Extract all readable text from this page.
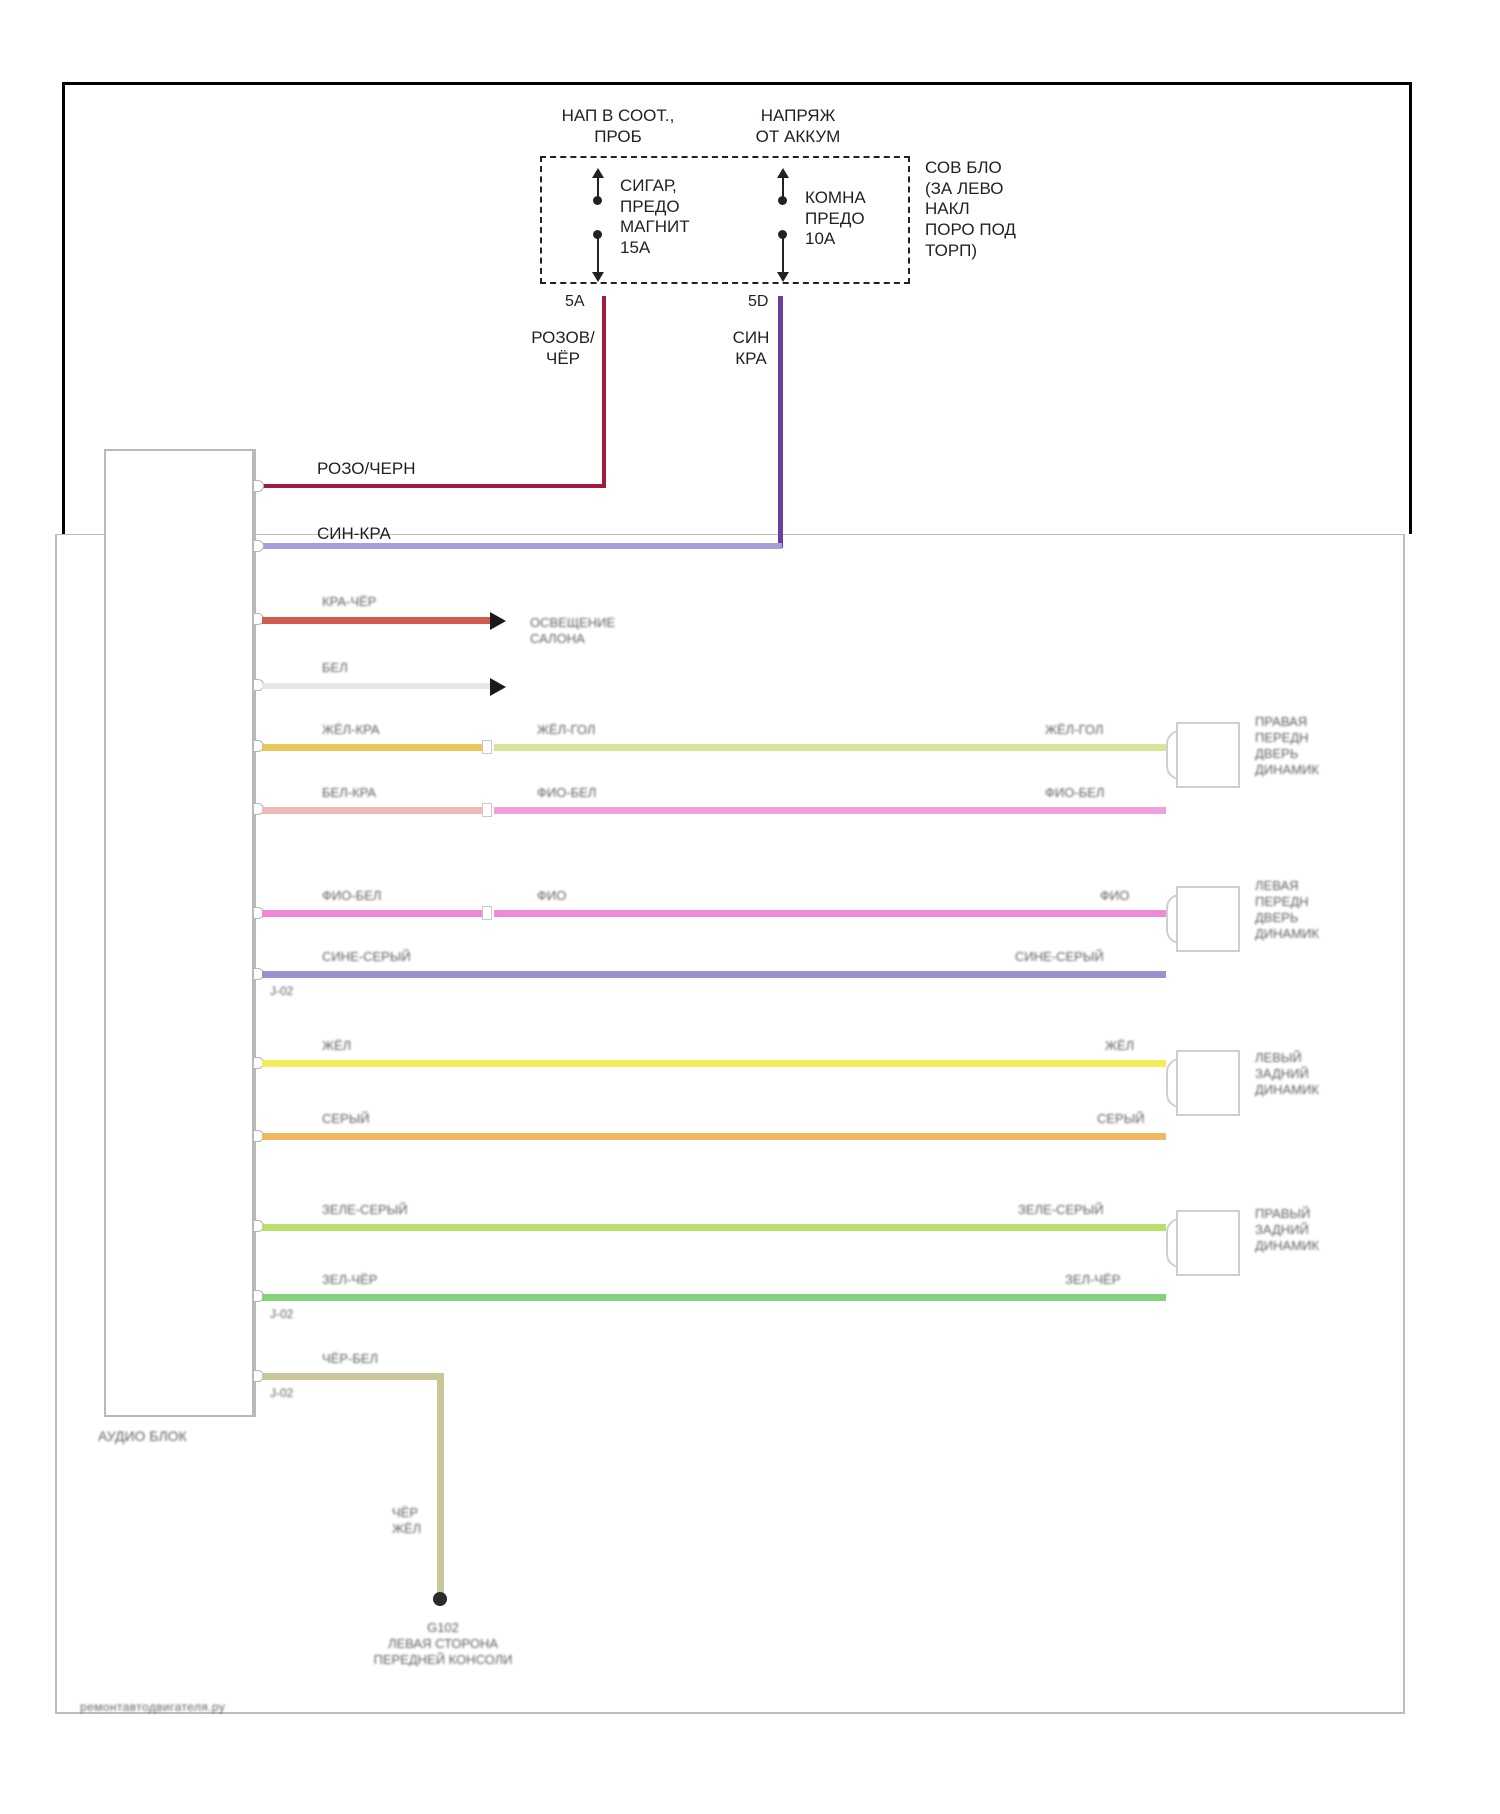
НАП В СООТ.,
ПРОБ
НАПРЯЖ
ОТ АККУМ
СИГАР,
ПРЕДО
МАГНИТ
15А
КОМНА
ПРЕДО
10А
СОВ БЛО
(ЗА ЛЕВО
НАКЛ
ПОРО ПОД
ТОРП)
5A	5D
РОЗОВ/
ЧЁР
СИН
КРА
РОЗО/ЧЕРН
СИН-КРА
АУДИО БЛОК
КРА-ЧЁР
ОСВЕЩЕНИЕ
САЛОНА
БЕЛ
ЖЁЛ-КРА	ЖЁЛ-ГОЛ	ЖЁЛ-ГОЛ
БЕЛ-КРА	ФИО-БЕЛ	ФИО-БЕЛ
ПРАВАЯ
ПЕРЕДН
ДВЕРЬ
ДИНАМИК
ФИО-БЕЛ	ФИО	ФИО
СИНЕ-СЕРЫЙ	СИНЕ-СЕРЫЙ
J-02
ЛЕВАЯ
ПЕРЕДН
ДВЕРЬ
ДИНАМИК
ЖЁЛ	ЖЁЛ
СЕРЫЙ	СЕРЫЙ
ЛЕВЫЙ
ЗАДНИЙ
ДИНАМИК
ЗЕЛЕ-СЕРЫЙ	ЗЕЛЕ-СЕРЫЙ
ЗЕЛ-ЧЁР	ЗЕЛ-ЧЁР
J-02
ПРАВЫЙ
ЗАДНИЙ
ДИНАМИК
ЧЁР-БЕЛ
J-02
ЧЁР
ЖЁЛ
G102
ЛЕВАЯ СТОРОНА
ПЕРЕДНЕЙ КОНСОЛИ
ремонтавтодвигателя.ру
